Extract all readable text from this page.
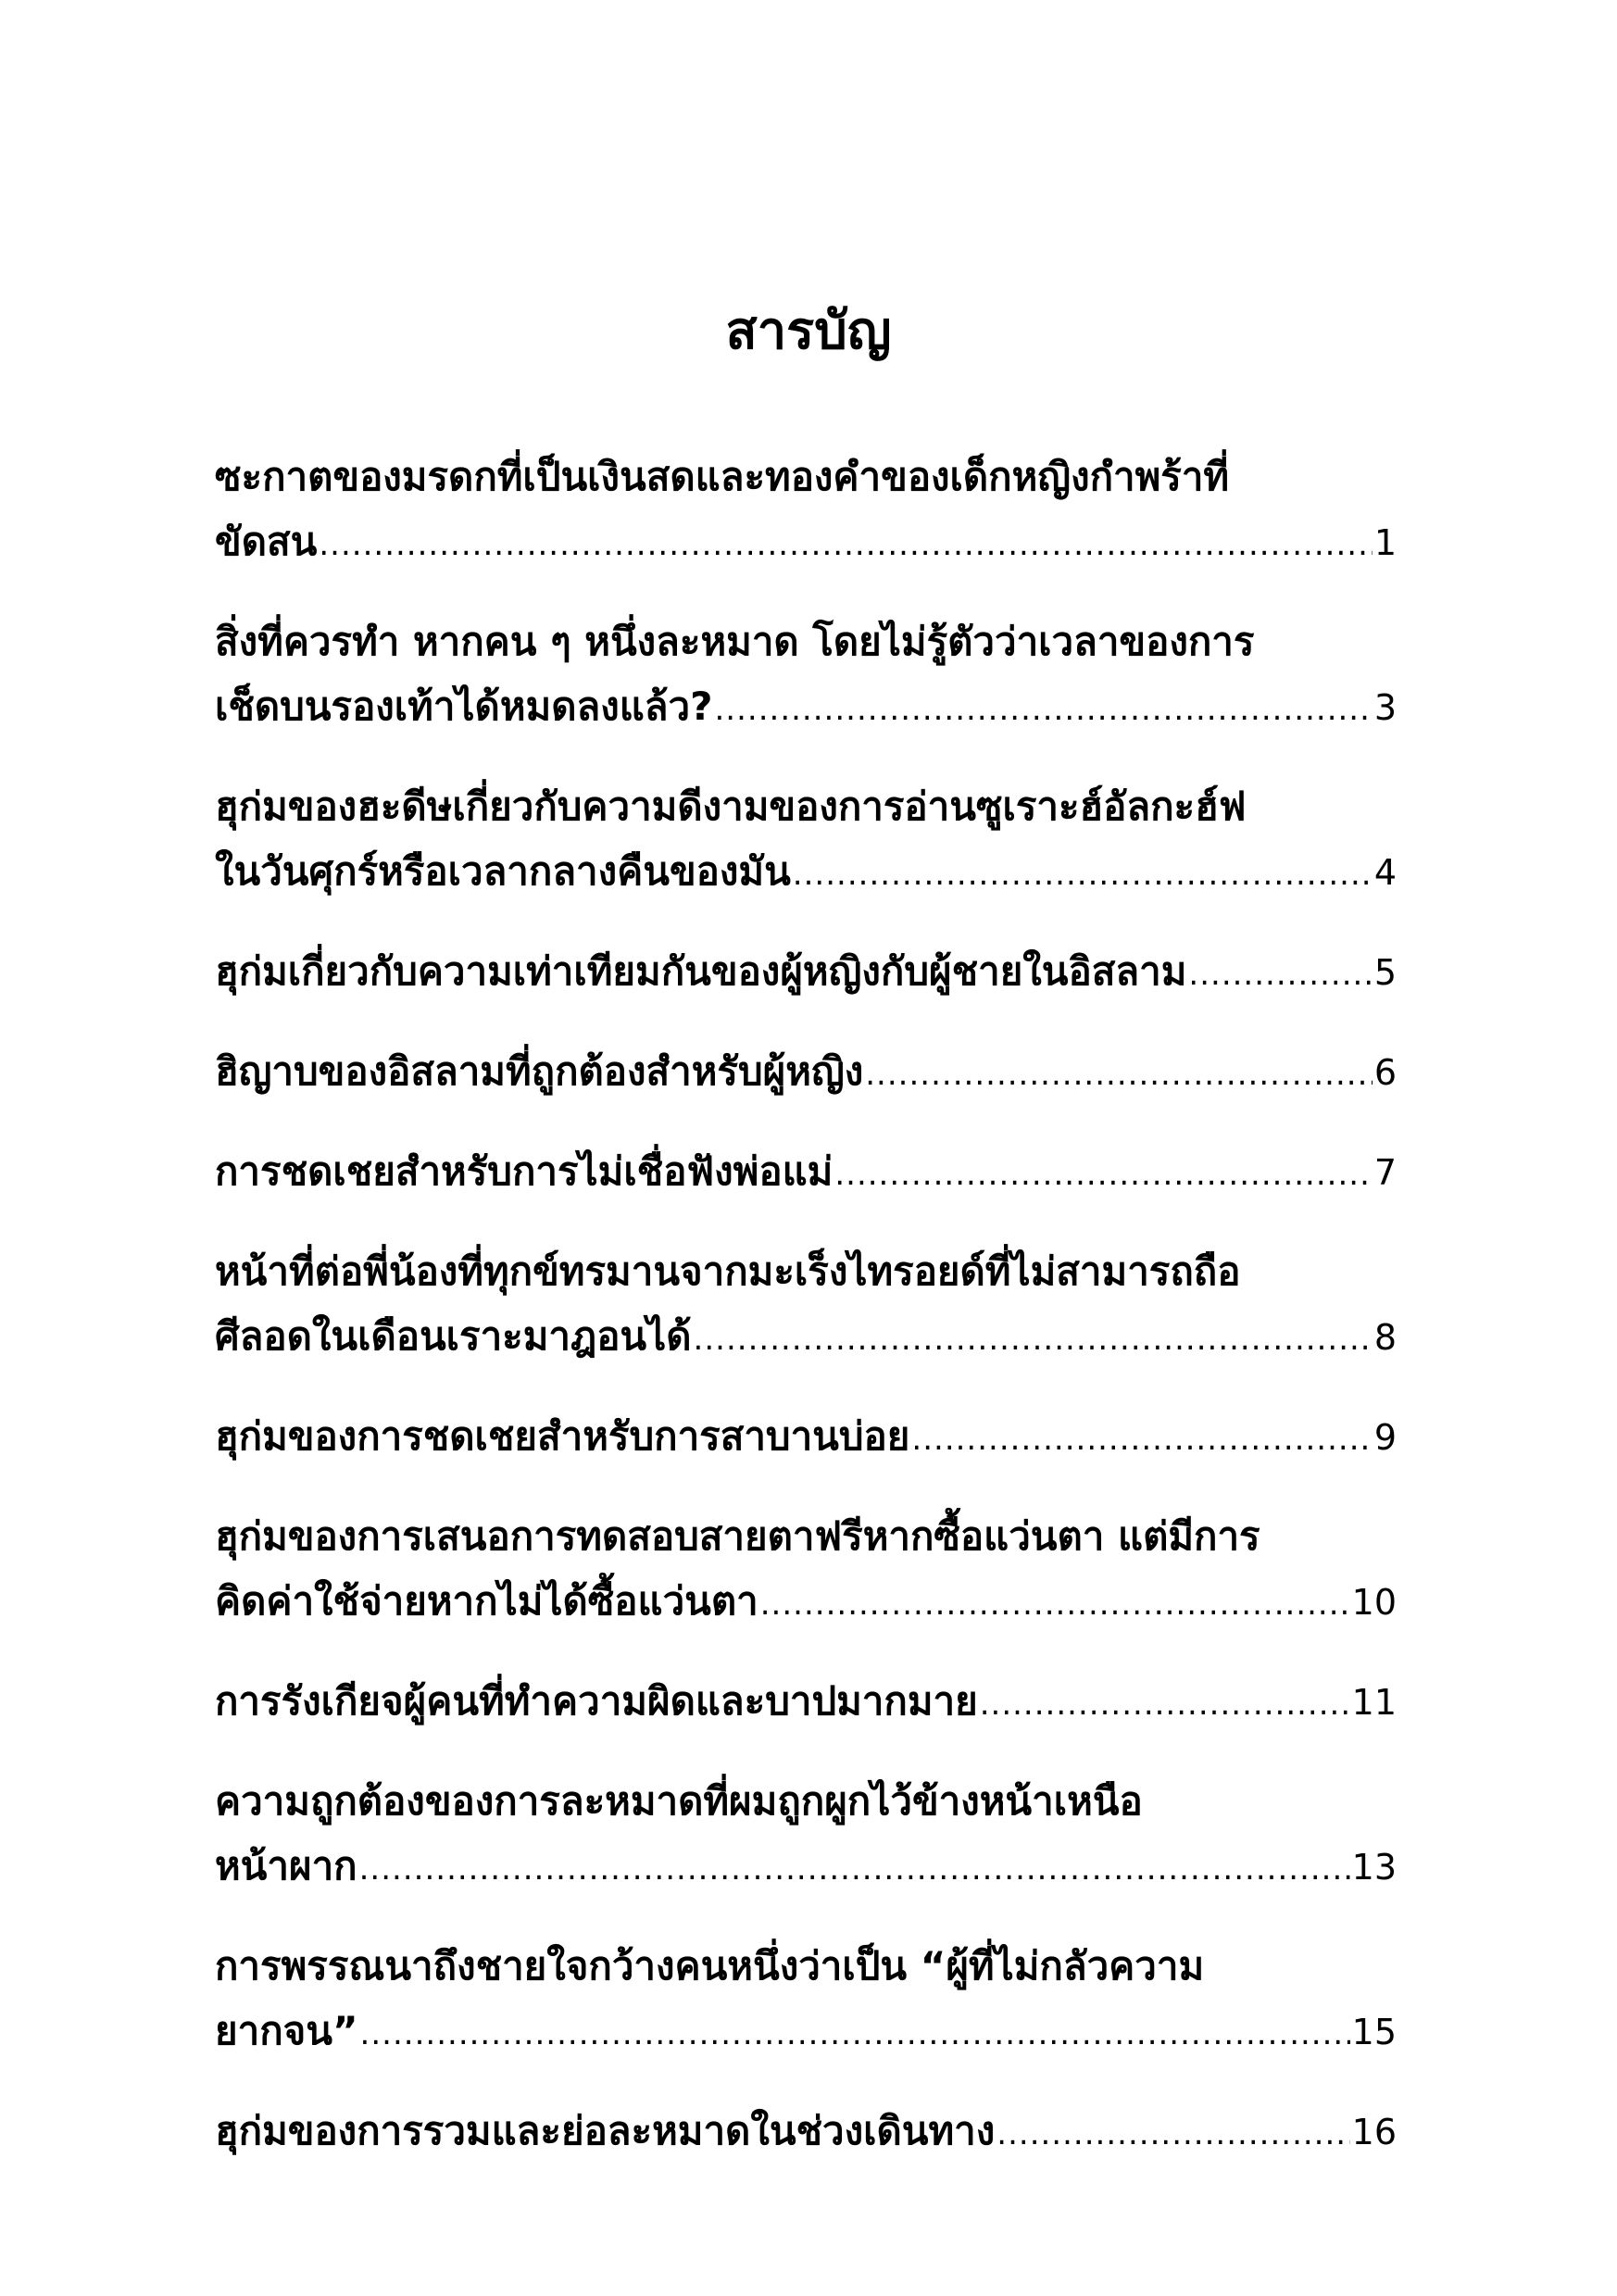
สารบัญ
ซะกาตของมรดกที่เป็นเงินสดและทองคำของเด็กหญิงกำพร้าที่
ขัดสน .....	1
สิ่งที่ควรทำ หากคน ๆ หนึ่งละหมาด โดยไม่รู้ตัวว่าเวลาของการ
เช็ดบนรองเท้าได้หมดลงแล้ว? .....	3
ฮุก่มของฮะดีษเกี่ยวกับความดีงามของการอ่านซูเราะฮ์อัลกะฮ์ฟ
ในวันศุกร์หรือเวลากลางคืนของมัน .....	4
ฮุก่มเกี่ยวกับความเท่าเทียมกันของผู้หญิงกับผู้ชายในอิสลาม .....	5
ฮิญาบของอิสลามที่ถูกต้องสำหรับผู้หญิง .....	6
การชดเชยสำหรับการไม่เชื่อฟังพ่อแม่ .....	7
หน้าที่ต่อพี่น้องที่ทุกข์ทรมานจากมะเร็งไทรอยด์ที่ไม่สามารถถือ
ศีลอดในเดือนเราะมาฎอนได้ .....	8
ฮุก่มของการชดเชยสำหรับการสาบานบ่อย .....	9
ฮุก่มของการเสนอการทดสอบสายตาฟรีหากซื้อแว่นตา แต่มีการ
คิดค่าใช้จ่ายหากไม่ได้ซื้อแว่นตา .....	10
การรังเกียจผู้คนที่ทำความผิดและบาปมากมาย .....	11
ความถูกต้องของการละหมาดที่ผมถูกผูกไว้ข้างหน้าเหนือ
หน้าผาก .....	13
การพรรณนาถึงชายใจกว้างคนหนึ่งว่าเป็น “ผู้ที่ไม่กลัวความ
ยากจน” .....	15
ฮุก่มของการรวมและย่อละหมาดในช่วงเดินทาง .....	16
